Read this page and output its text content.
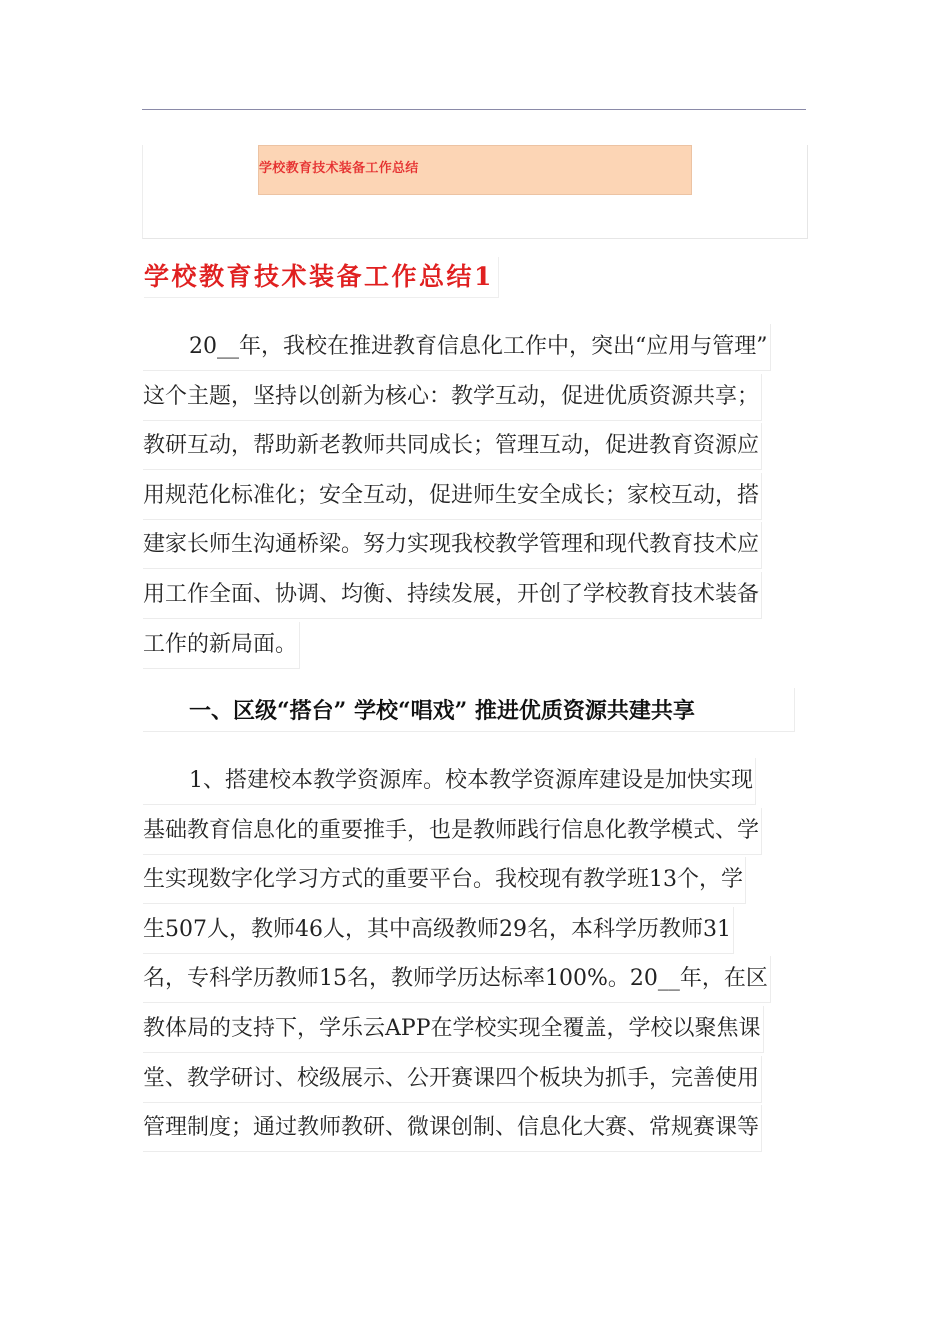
学校教育技术装备工作总结
学校教育技术装备工作总结1
20__年，我校在推进教育信息化工作中，突出“应用与管理”
这个主题，坚持以创新为核心：教学互动，促进优质资源共享；
教研互动，帮助新老教师共同成长；管理互动，促进教育资源应
用规范化标准化；安全互动，促进师生安全成长；家校互动，搭
建家长师生沟通桥梁。努力实现我校教学管理和现代教育技术应
用工作全面、协调、均衡、持续发展，开创了学校教育技术装备
工作的新局面。
一、区级“搭台” 学校“唱戏” 推进优质资源共建共享
1、搭建校本教学资源库。校本教学资源库建设是加快实现
基础教育信息化的重要推手，也是教师践行信息化教学模式、学
生实现数字化学习方式的重要平台。我校现有教学班13个，学
生507人，教师46人，其中高级教师29名，本科学历教师31
名，专科学历教师15名，教师学历达标率100%。20__年，在区
教体局的支持下，学乐云APP在学校实现全覆盖，学校以聚焦课
堂、教学研讨、校级展示、公开赛课四个板块为抓手，完善使用
管理制度；通过教师教研、微课创制、信息化大赛、常规赛课等
